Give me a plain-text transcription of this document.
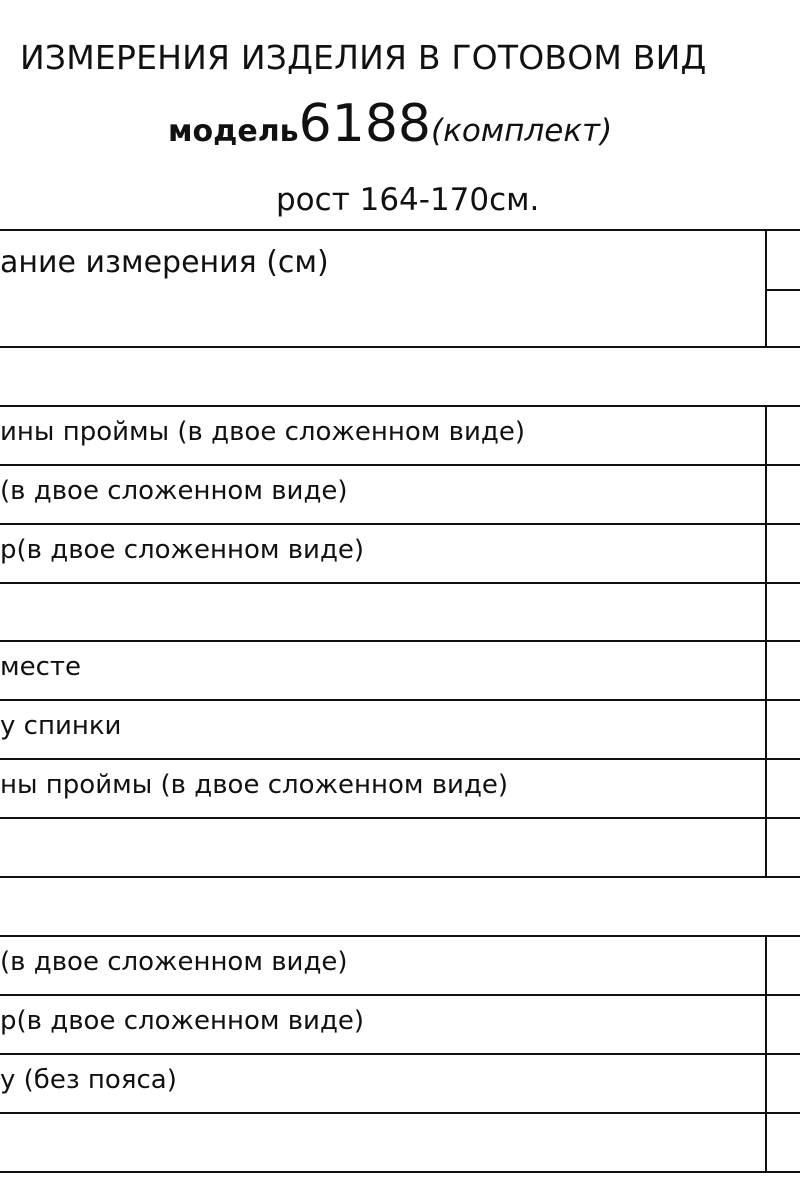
ИЗМЕРЕНИЯ ИЗДЕЛИЯ В ГОТОВОМ ВИД
модель6188(комплект)
рост 164-170см.
ание измерения (см)
ины проймы (в двое сложенном виде)
(в двое сложенном виде)
р(в двое сложенном виде)
месте
у спинки
ны проймы (в двое сложенном виде)
(в двое сложенном виде)
р(в двое сложенном виде)
у (без пояса)
